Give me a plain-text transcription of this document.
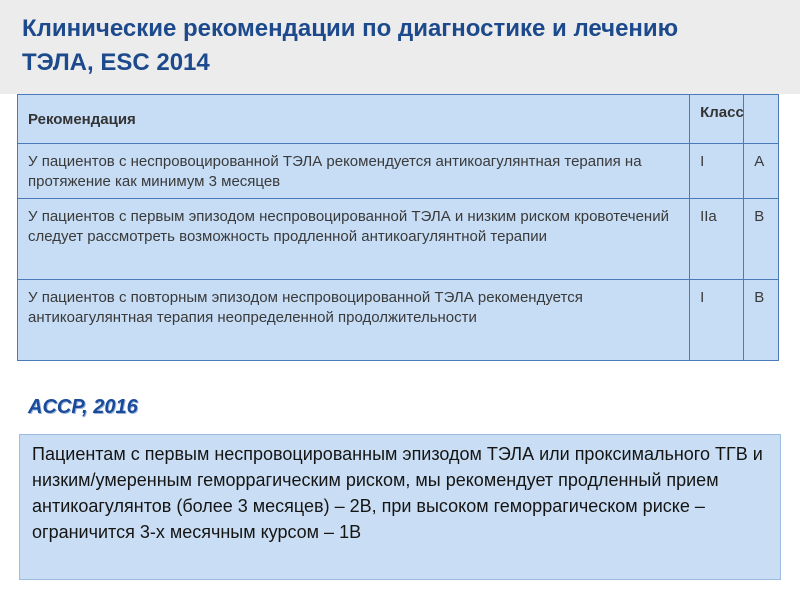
Клинические рекомендации по диагностике и лечению ТЭЛА, ESC 2014
Рекомендация	Класс	
У пациентов с неспровоцированной ТЭЛА рекомендуется антикоагулянтная терапия на протяжение как минимум 3 месяцев	I	A
У пациентов с первым эпизодом неспровоцированной ТЭЛА и низким риском кровотечений следует рассмотреть возможность продленной антикоагулянтной терапии	IIa	B
У пациентов с повторным эпизодом неспровоцированной ТЭЛА рекомендуется антикоагулянтная терапия неопределенной продолжительности	I	B
ACCP, 2016
Пациентам с первым неспровоцированным эпизодом ТЭЛА или проксимального ТГВ и низким/умеренным геморрагическим риском, мы рекомендует продленный прием антикоагулянтов (более 3 месяцев) – 2В, при высоком геморрагическом риске – ограничится 3-х месячным курсом – 1В
